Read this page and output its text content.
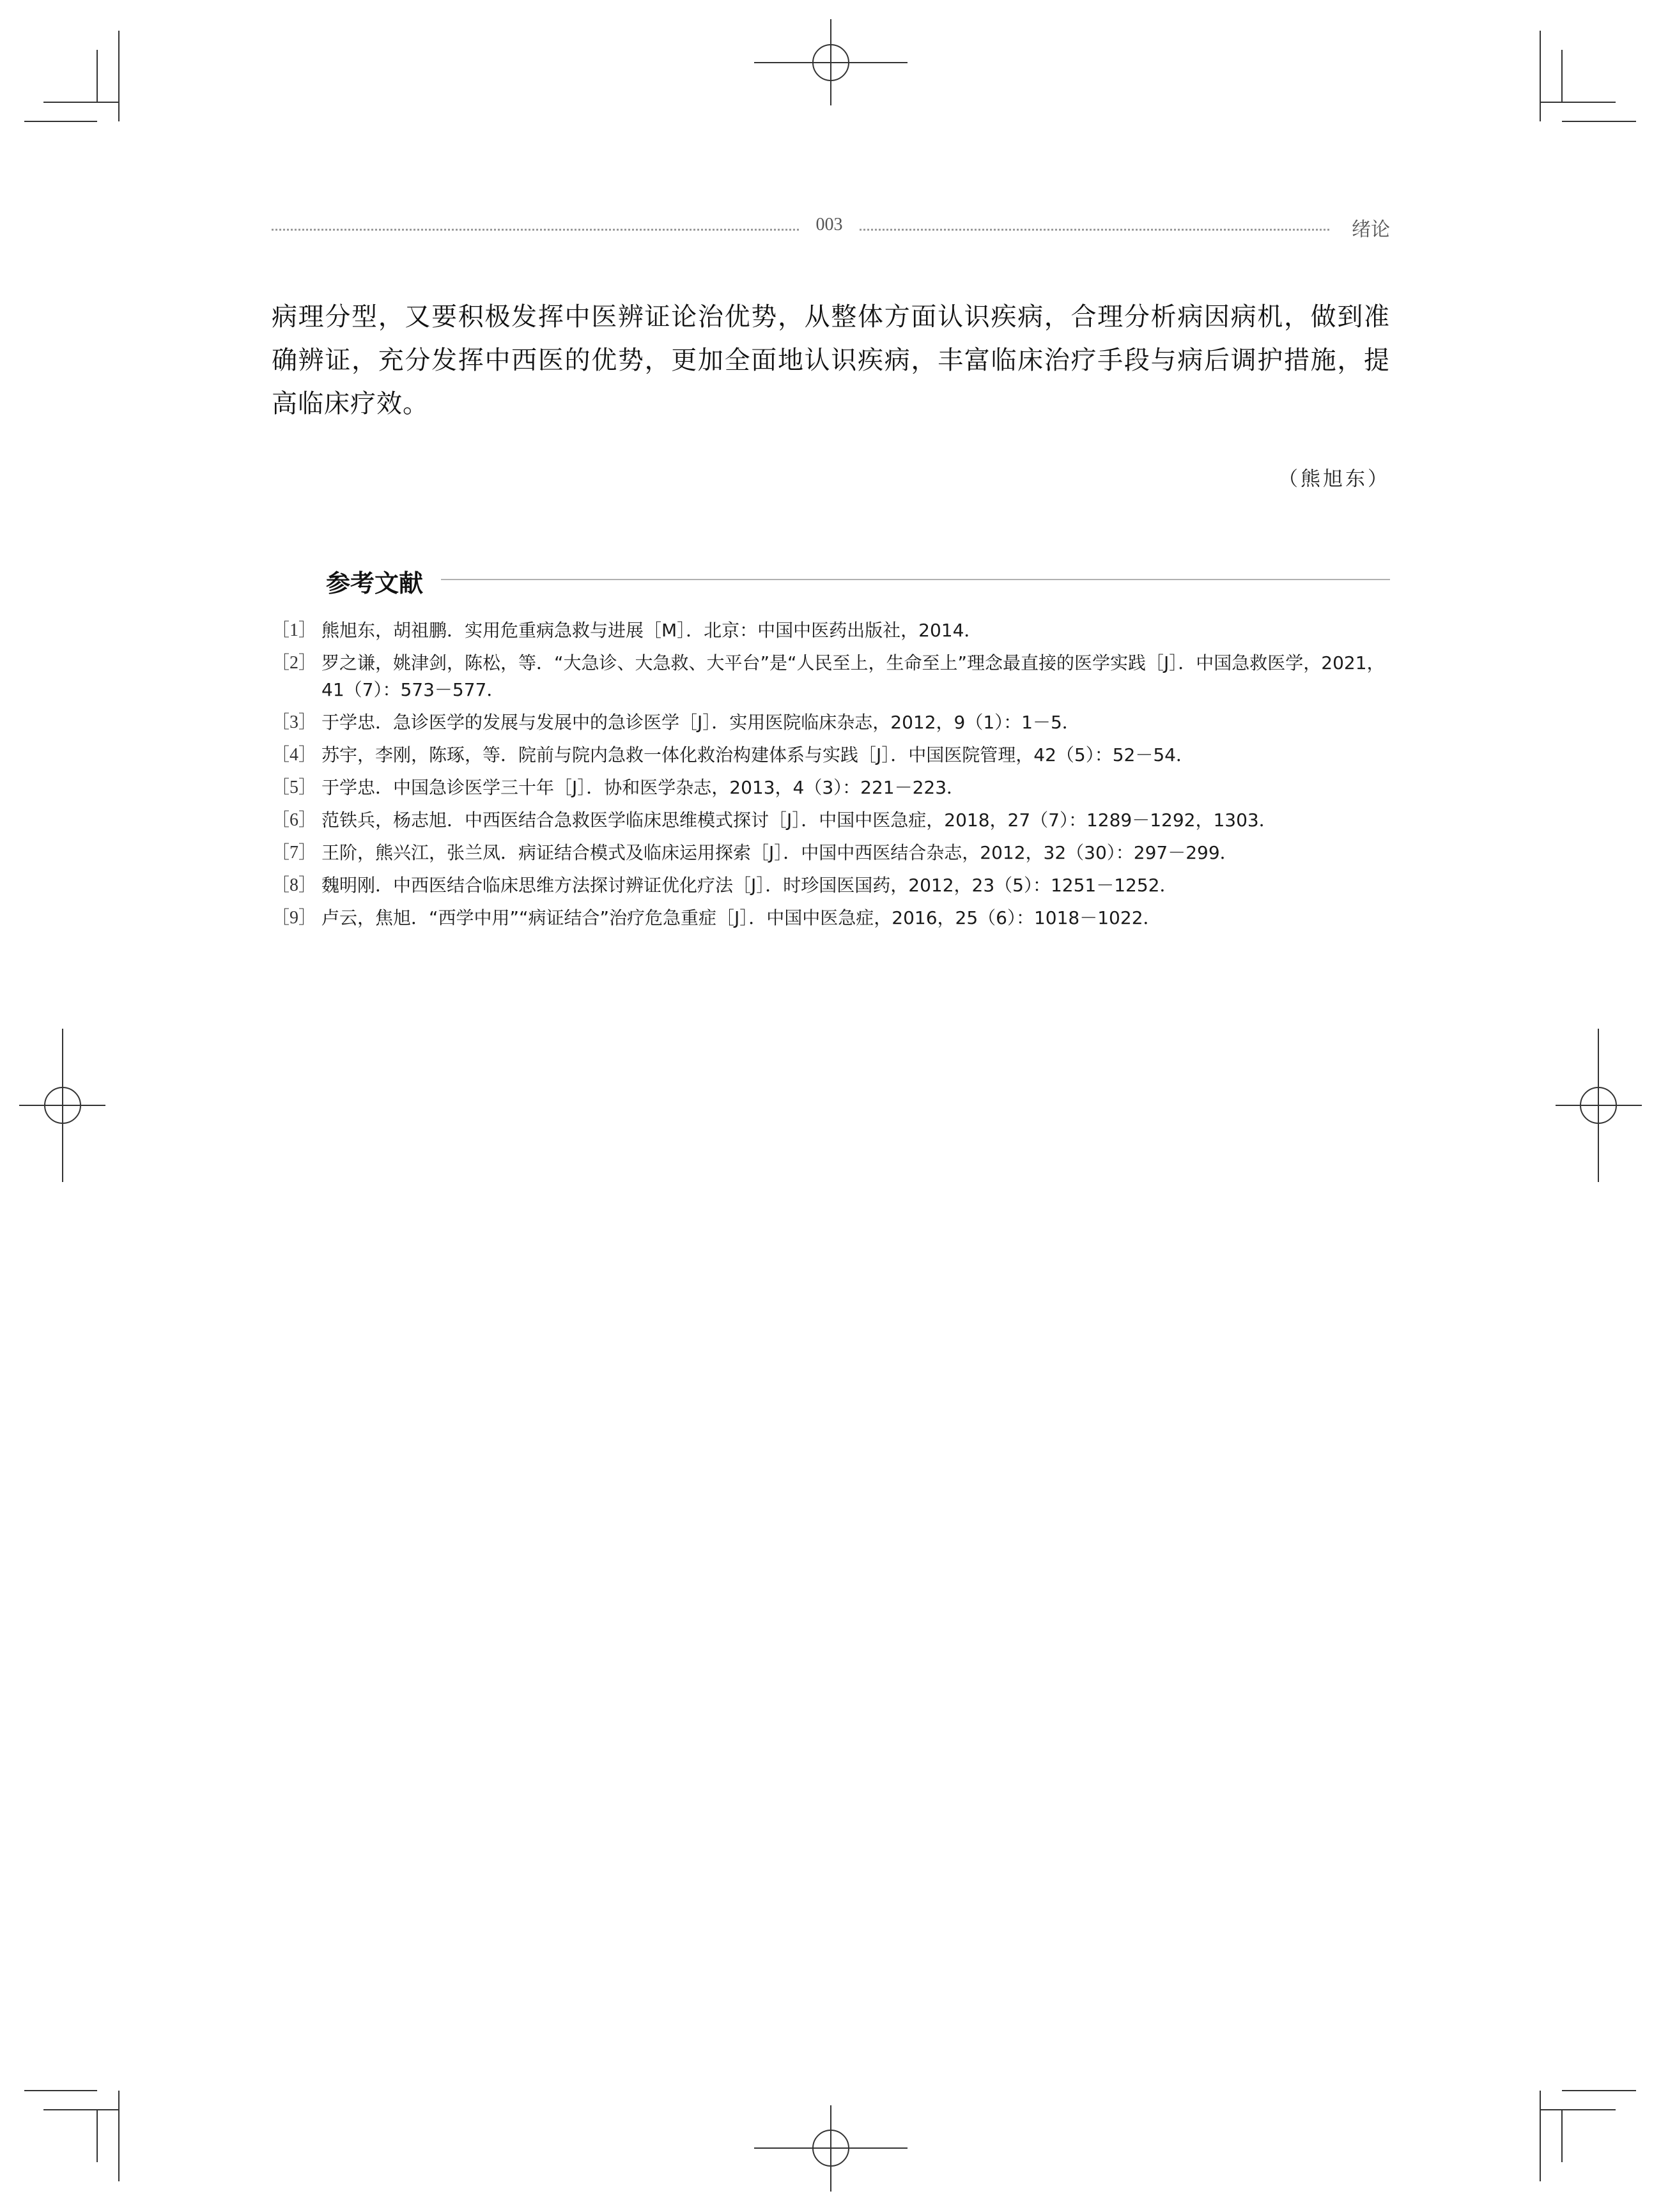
003	绪论

病理分型，又要积极发挥中医辨证论治优势，从整体方面认识疾病，合理分析病因病机，做到准确辨证，充分发挥中西医的优势，更加全面地认识疾病，丰富临床治疗手段与病后调护措施，提高临床疗效。

（熊旭东）
参考文献
［1］ 熊旭东，胡祖鹏．实用危重病急救与进展［M］．北京：中国中医药出版社，2014．
［2］ 罗之谦，姚津剑，陈松，等．“大急诊、大急救、大平台”是“人民至上，生命至上”理念最直接的医学实践［J］．中国急救医学，2021，41（7）：573－577．
［3］ 于学忠．急诊医学的发展与发展中的急诊医学［J］．实用医院临床杂志，2012，9（1）：1－5．
［4］ 苏宇，李刚，陈琢，等．院前与院内急救一体化救治构建体系与实践［J］．中国医院管理，42（5）：52－54．
［5］ 于学忠．中国急诊医学三十年［J］．协和医学杂志，2013，4（3）：221－223．
［6］ 范铁兵，杨志旭．中西医结合急救医学临床思维模式探讨［J］．中国中医急症，2018，27（7）：1289－1292，1303．
［7］ 王阶，熊兴江，张兰凤．病证结合模式及临床运用探索［J］．中国中西医结合杂志，2012，32（30）：297－299．
［8］ 魏明刚．中西医结合临床思维方法探讨辨证优化疗法［J］．时珍国医国药，2012，23（5）：1251－1252．
［9］ 卢云，焦旭．“西学中用”“病证结合”治疗危急重症［J］．中国中医急症，2016，25（6）：1018－1022．
